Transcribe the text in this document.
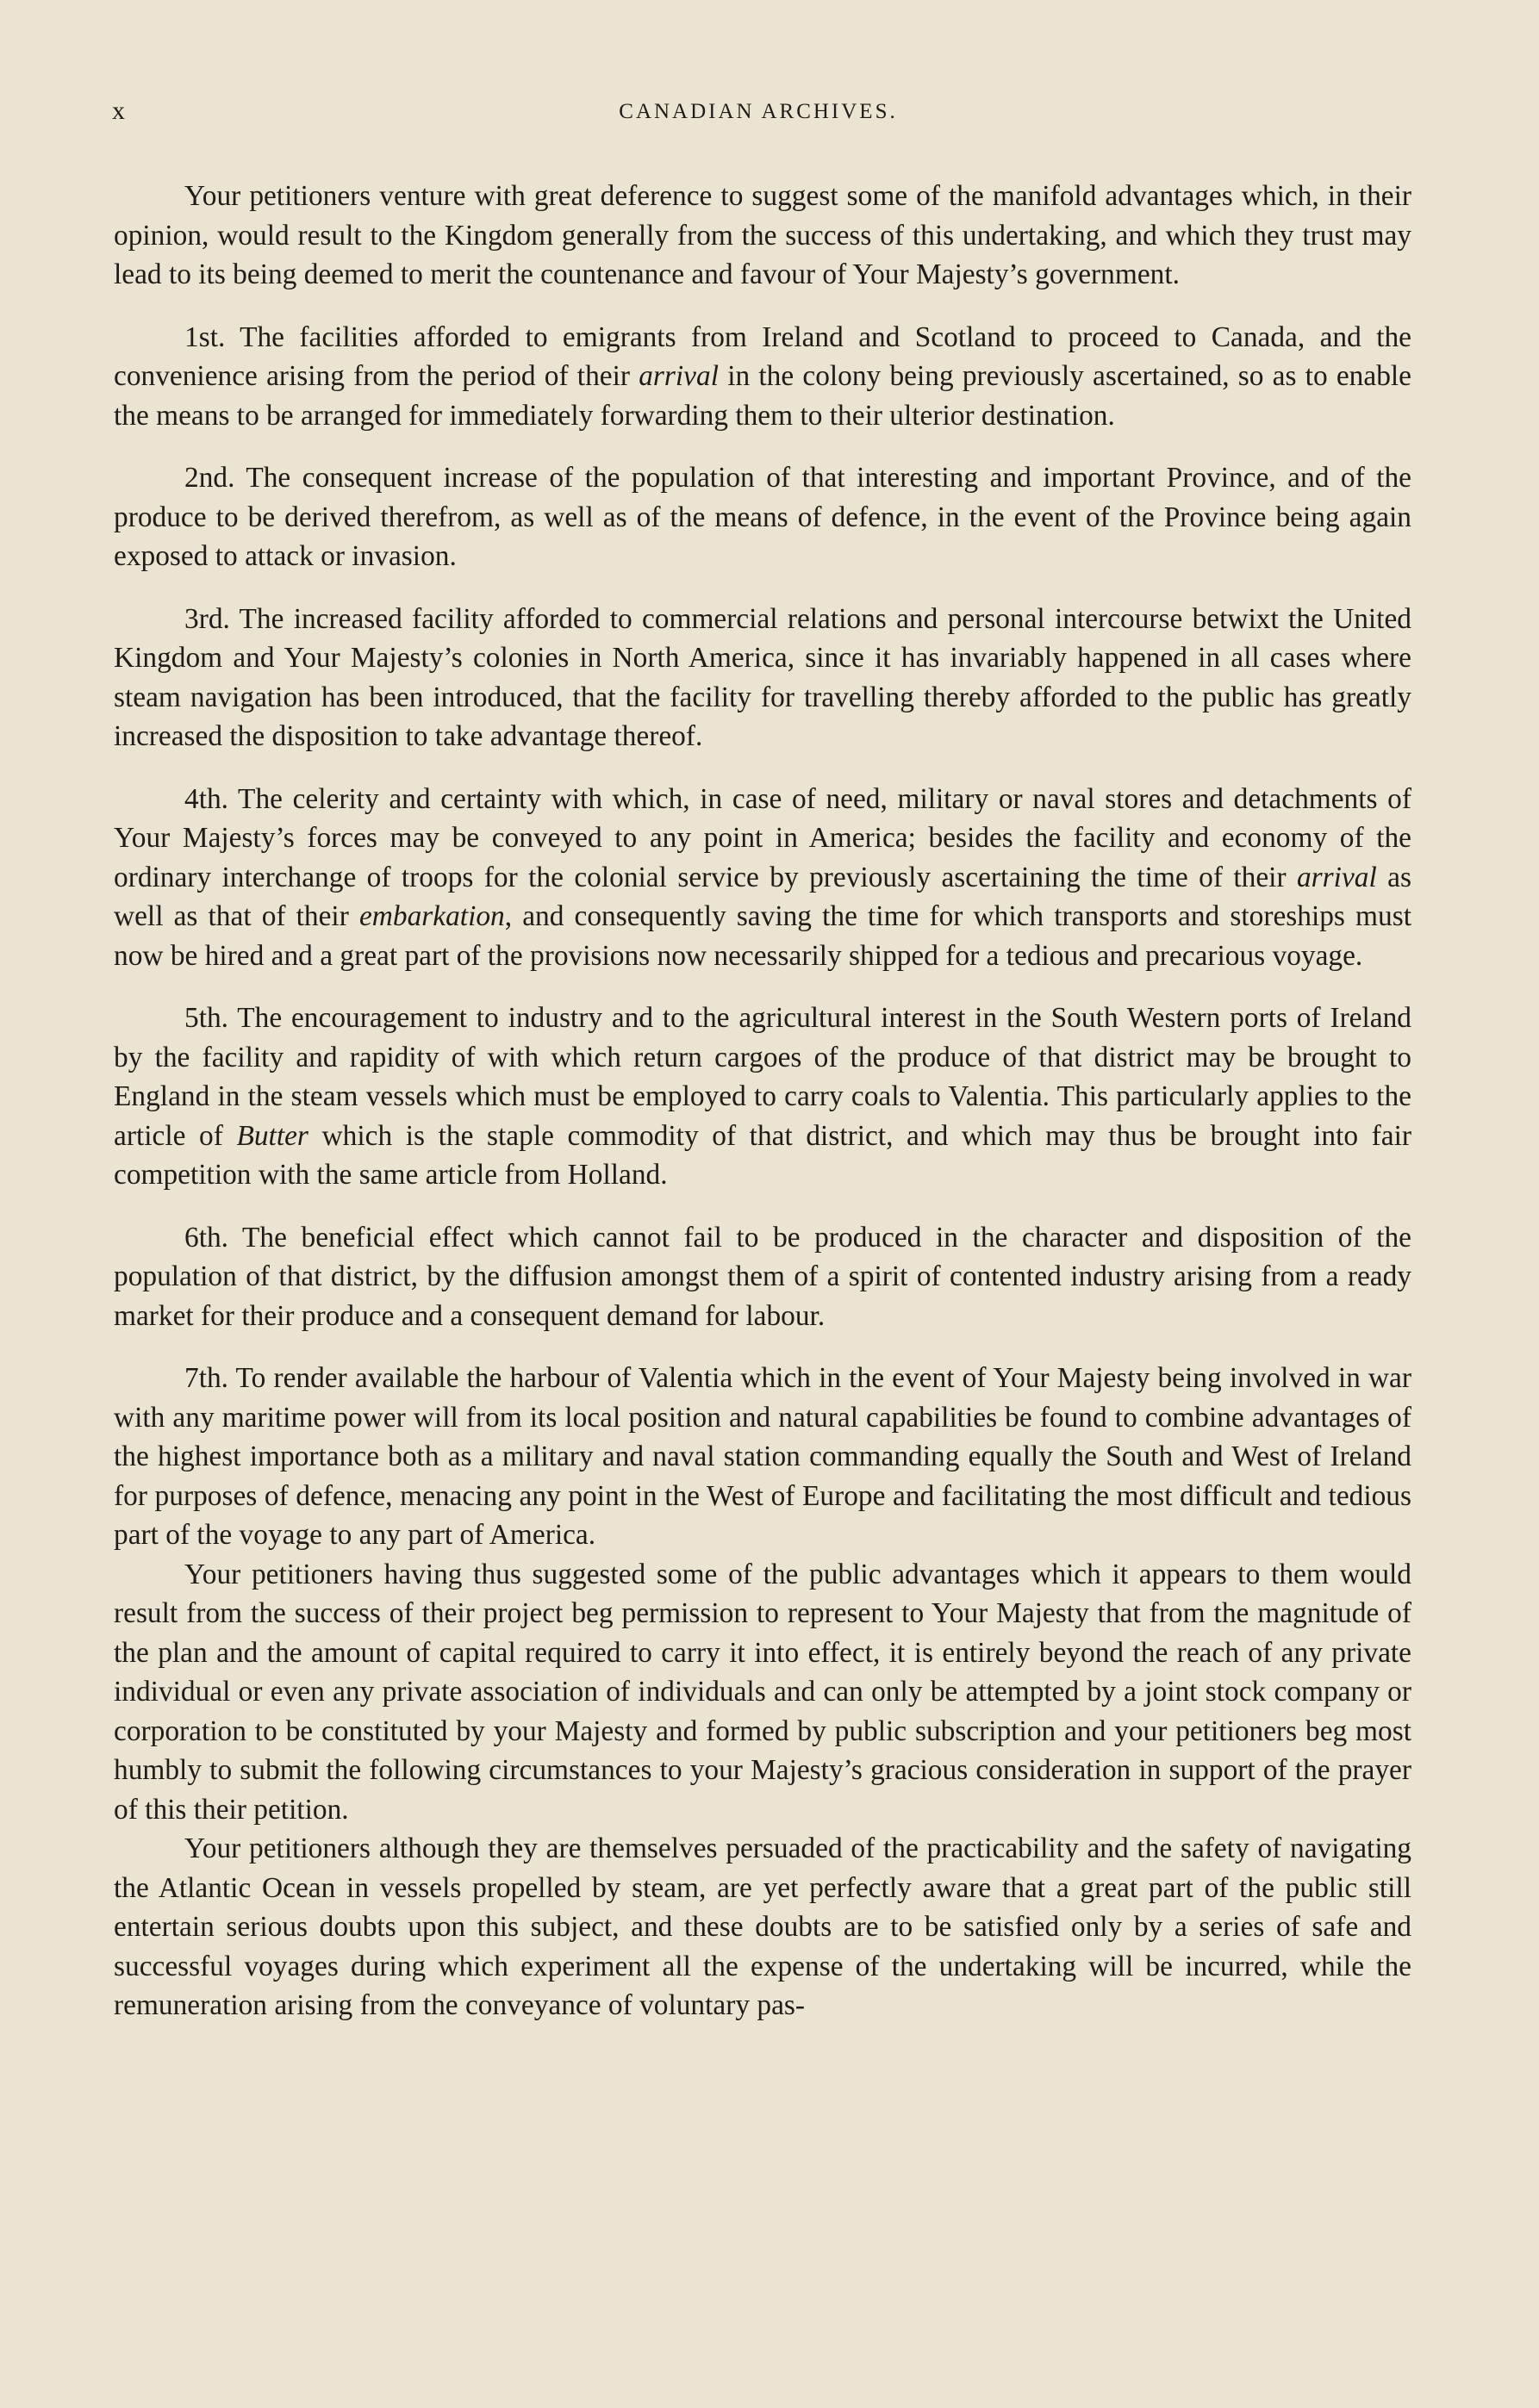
x	CANADIAN ARCHIVES.

Your petitioners venture with great deference to suggest some of the manifold advantages which, in their opinion, would result to the Kingdom generally from the success of this undertaking, and which they trust may lead to its being deemed to merit the countenance and favour of Your Majesty’s government.

1st. The facilities afforded to emigrants from Ireland and Scotland to proceed to Canada, and the convenience arising from the period of their arrival in the colony being previously ascertained, so as to enable the means to be arranged for immediately forwarding them to their ulterior destination.

2nd. The consequent increase of the population of that interesting and important Province, and of the produce to be derived therefrom, as well as of the means of defence, in the event of the Province being again exposed to attack or invasion.

3rd. The increased facility afforded to commercial relations and personal intercourse betwixt the United Kingdom and Your Majesty’s colonies in North America, since it has invariably happened in all cases where steam navigation has been introduced, that the facility for travelling thereby afforded to the public has greatly increased the disposition to take advantage thereof.

4th. The celerity and certainty with which, in case of need, military or naval stores and detachments of Your Majesty’s forces may be conveyed to any point in America; besides the facility and economy of the ordinary interchange of troops for the colonial service by previously ascertaining the time of their arrival as well as that of their embarkation, and consequently saving the time for which transports and storeships must now be hired and a great part of the provisions now necessarily shipped for a tedious and precarious voyage.

5th. The encouragement to industry and to the agricultural interest in the South Western ports of Ireland by the facility and rapidity of with which return cargoes of the produce of that district may be brought to England in the steam vessels which must be employed to carry coals to Valentia. This particularly applies to the article of Butter which is the staple commodity of that district, and which may thus be brought into fair competition with the same article from Holland.

6th. The beneficial effect which cannot fail to be produced in the character and disposition of the population of that district, by the diffusion amongst them of a spirit of contented industry arising from a ready market for their produce and a consequent demand for labour.

7th. To render available the harbour of Valentia which in the event of Your Majesty being involved in war with any maritime power will from its local position and natural capabilities be found to combine advantages of the highest importance both as a military and naval station commanding equally the South and West of Ireland for purposes of defence, menacing any point in the West of Europe and facilitating the most difficult and tedious part of the voyage to any part of America.

Your petitioners having thus suggested some of the public advantages which it appears to them would result from the success of their project beg permission to represent to Your Majesty that from the magnitude of the plan and the amount of capital required to carry it into effect, it is entirely beyond the reach of any private individual or even any private association of individuals and can only be attempted by a joint stock company or corporation to be constituted by your Majesty and formed by public subscription and your petitioners beg most humbly to submit the following circumstances to your Majesty’s gracious consideration in support of the prayer of this their petition.

Your petitioners although they are themselves persuaded of the practicability and the safety of navigating the Atlantic Ocean in vessels propelled by steam, are yet perfectly aware that a great part of the public still entertain serious doubts upon this subject, and these doubts are to be satisfied only by a series of safe and successful voyages during which experiment all the expense of the undertaking will be incurred, while the remuneration arising from the conveyance of voluntary pas-
